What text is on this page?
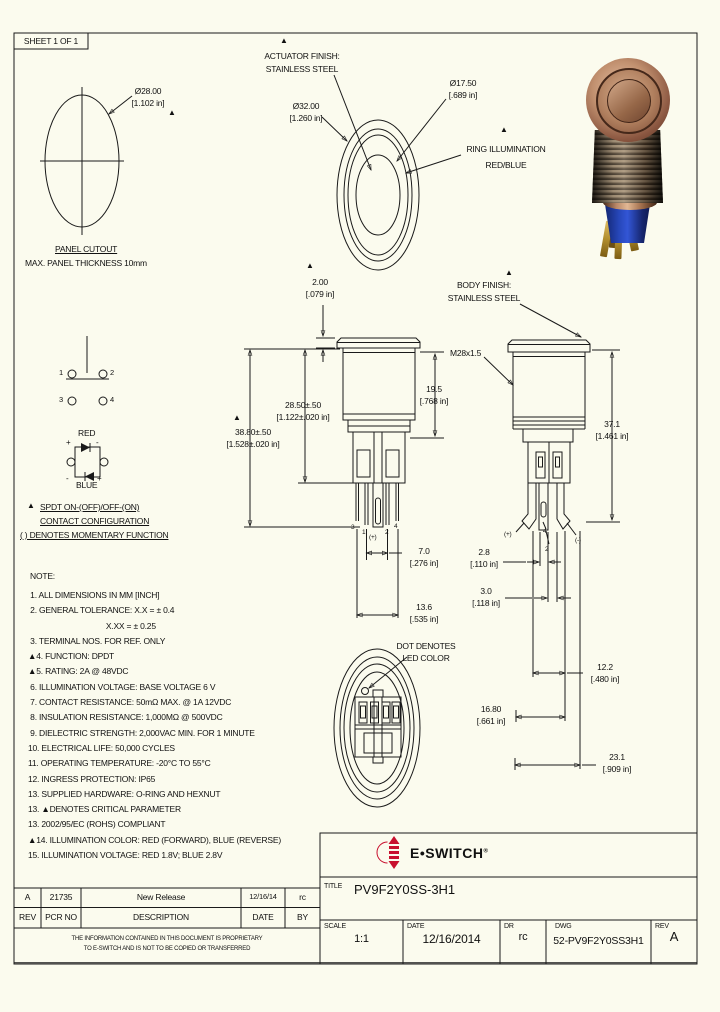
SHEET 1 OF 1
Ø28.00
[1.102 in]
▲
PANEL CUTOUT
MAX. PANEL THICKNESS 10mm
▲
ACTUATOR FINISH:
STAINLESS STEEL
Ø32.00
[1.260 in]
Ø17.50
[.689 in]
▲
RING ILLUMINATION
RED/BLUE
▲
2.00
[.079 in]
▲
BODY FINISH:
STAINLESS STEEL
M28x1.5
▲
38.80±.50
[1.528±.020 in]
28.50±.50
[1.122±.020 in]
19.5
[.768 in]
37.1
[1.461 in]
7.0
[.276 in]
13.6
[.535 in]
2.8
[.110 in]
3.0
[.118 in]
12.2
[.480 in]
16.80
[.661 in]
23.1
[.909 in]
DOT DENOTES
LED COLOR
3
1
(+)
2
4
(+)	4
2
(-)
1	2
3	4
RED
+	-
-	+
BLUE
▲ SPDT ON-(OFF)/OFF-(ON)
CONTACT CONFIGURATION
( ) DENOTES MOMENTARY FUNCTION
NOTE:
1. ALL DIMENSIONS IN MM [INCH]
2. GENERAL TOLERANCE: X.X = ± 0.4
X.XX = ± 0.25
3. TERMINAL NOS. FOR REF. ONLY
▲4. FUNCTION: DPDT
▲5. RATING: 2A @ 48VDC
6. ILLUMINATION VOLTAGE: BASE VOLTAGE 6 V
7. CONTACT RESISTANCE: 50mΩ MAX. @ 1A 12VDC
8. INSULATION RESISTANCE: 1,000MΩ @ 500VDC
9. DIELECTRIC STRENGTH: 2,000VAC MIN. FOR 1 MINUTE
10. ELECTRICAL LIFE: 50,000 CYCLES
11. OPERATING TEMPERATURE: -20°C TO 55°C
12. INGRESS PROTECTION: IP65
13. SUPPLIED HARDWARE: O-RING AND HEXNUT
13. ▲DENOTES CRITICAL PARAMETER
13. 2002/95/EC (ROHS) COMPLIANT
▲14. ILLUMINATION COLOR: RED (FORWARD), BLUE (REVERSE)
15. ILLUMINATION VOLTAGE: RED 1.8V; BLUE 2.8V
A	21735	New Release	12/16/14	rc
REV	PCR NO	DESCRIPTION	DATE	BY
THE INFORMATION CONTAINED IN THIS DOCUMENT IS PROPRIETARY
TO E-SWITCH AND IS NOT TO BE COPIED OR TRANSFERRED
E•SWITCH®
TITLE PV9F2Y0SS-3H1
SCALE
1:1
DATE
12/16/2014
DR
rc
DWG
52-PV9F2Y0SS3H1
REV
A
